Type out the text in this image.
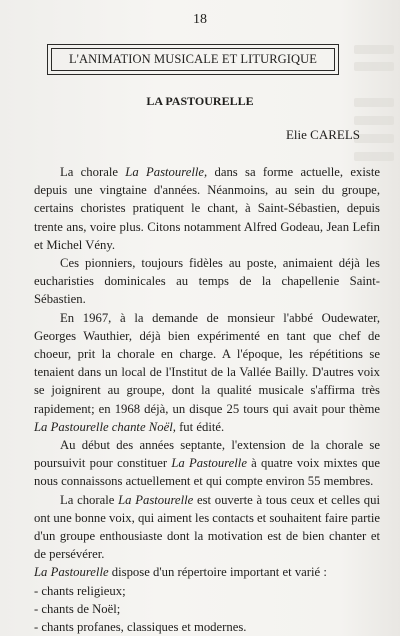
18
L'ANIMATION MUSICALE ET LITURGIQUE
LA PASTOURELLE
Elie CARELS

La chorale La Pastourelle, dans sa forme actuelle, existe depuis une vingtaine d'années. Néanmoins, au sein du groupe, certains choristes pratiquent le chant, à Saint-Sébastien, depuis trente ans, voire plus. Citons notamment Alfred Godeau, Jean Lefin et Michel Vény.

Ces pionniers, toujours fidèles au poste, animaient déjà les eucharisties dominicales au temps de la chapellenie Saint-Sébastien.

En 1967, à la demande de monsieur l'abbé Oudewater, Georges Wauthier, déjà bien expérimenté en tant que chef de choeur, prit la chorale en charge. A l'époque, les répétitions se tenaient dans un local de l'Institut de la Vallée Bailly. D'autres voix se joignirent au groupe, dont la qualité musicale s'affirma très rapidement; en 1968 déjà, un disque 25 tours qui avait pour thème La Pastourelle chante Noël, fut édité.

Au début des années septante, l'extension de la chorale se poursuivit pour constituer La Pastourelle à quatre voix mixtes que nous connaissons actuellement et qui compte environ 55 membres.

La chorale La Pastourelle est ouverte à tous ceux et celles qui ont une bonne voix, qui aiment les contacts et souhaitent faire partie d'un groupe enthousiaste dont la motivation est de bien chanter et de persévérer.

La Pastourelle dispose d'un répertoire important et varié :

- chants religieux;
- chants de Noël;
- chants profanes, classiques et modernes.
